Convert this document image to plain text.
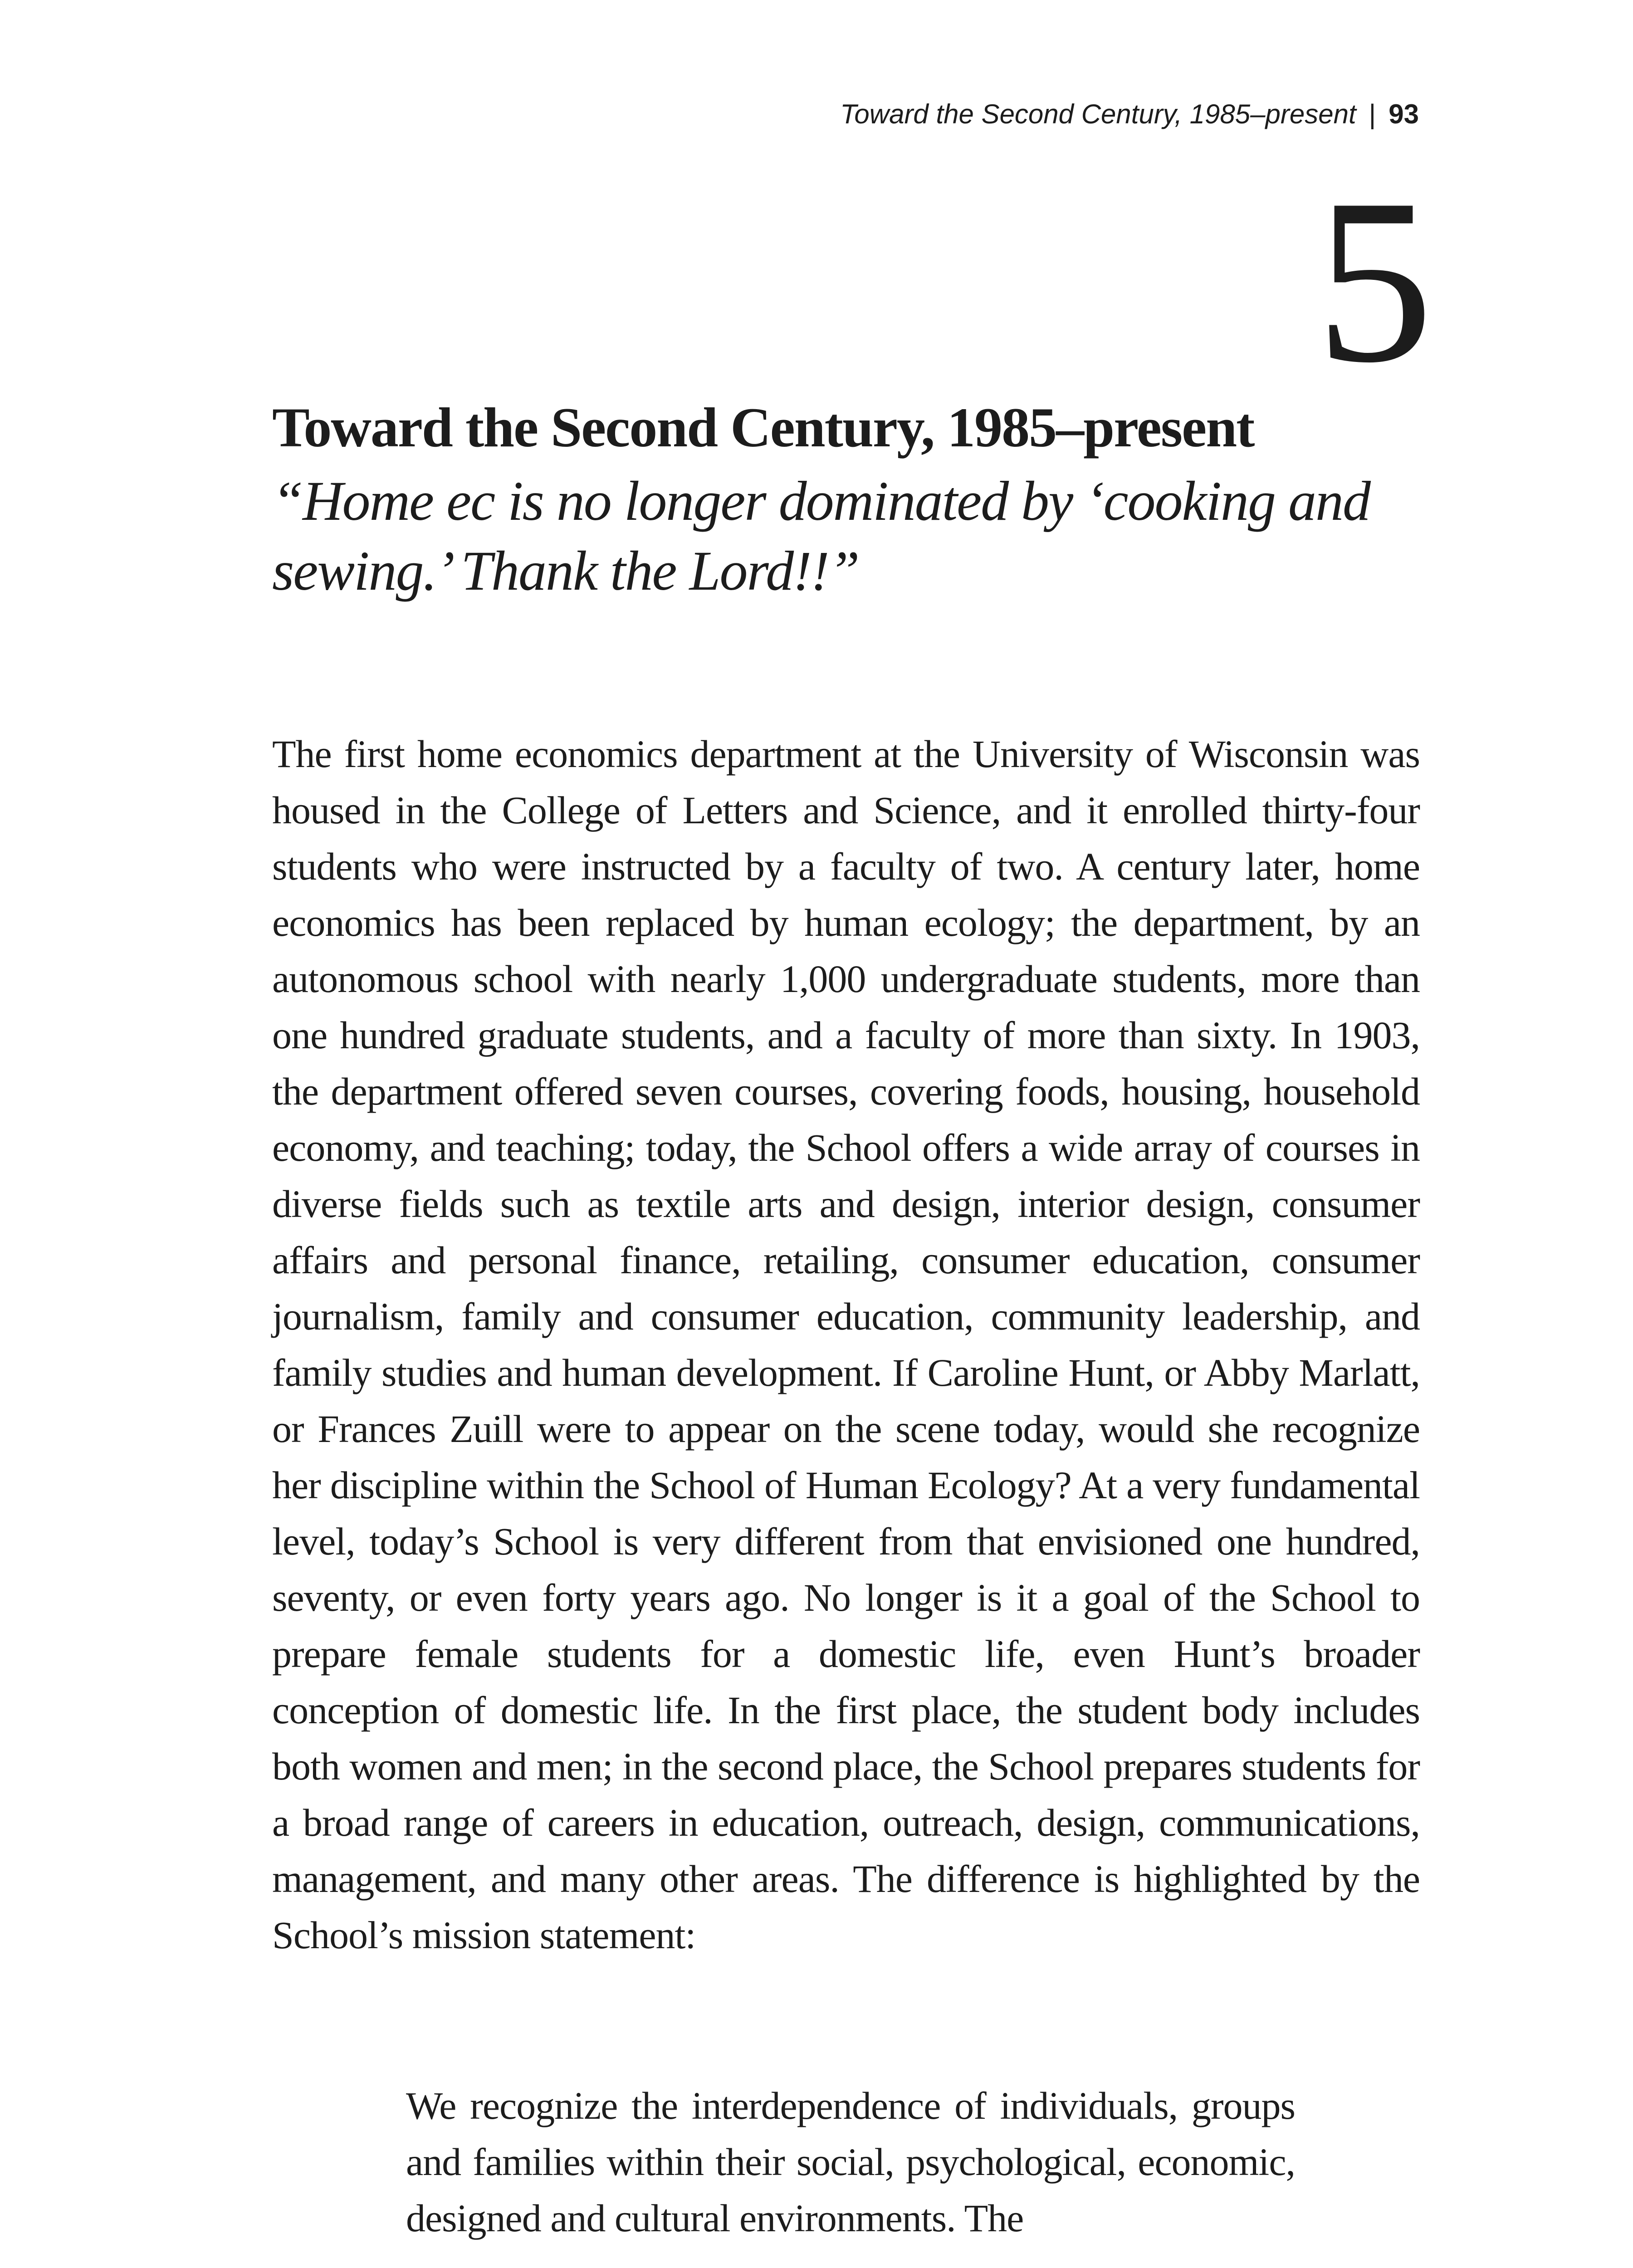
Toward the Second Century, 1985–present | 93
5
Toward the Second Century, 1985–present

“Home ec is no longer dominated by ‘cooking and sewing.’ Thank the Lord!!”

The first home economics department at the University of Wisconsin was housed in the College of Letters and Science, and it enrolled thirty-four students who were instructed by a faculty of two. A century later, home economics has been replaced by human ecology; the department, by an autonomous school with nearly 1,000 undergraduate students, more than one hundred graduate students, and a faculty of more than sixty. In 1903, the department offered seven courses, covering foods, housing, household economy, and teaching; today, the School offers a wide array of courses in diverse fields such as textile arts and design, interior design, consumer affairs and personal finance, retailing, consumer education, consumer journalism, family and consumer education, community leadership, and family studies and human development. If Caroline Hunt, or Abby Marlatt, or Frances Zuill were to appear on the scene today, would she recognize her discipline within the School of Human Ecology? At a very fundamental level, today’s School is very different from that envisioned one hundred, seventy, or even forty years ago. No longer is it a goal of the School to prepare female students for a domestic life, even Hunt’s broader conception of domestic life. In the first place, the student body includes both women and men; in the second place, the School prepares students for a broad range of careers in education, outreach, design, communications, management, and many other areas. The difference is highlighted by the School’s mission statement:

We recognize the interdependence of individuals, groups and families within their social, psychological, economic, designed and cultural environments. The
